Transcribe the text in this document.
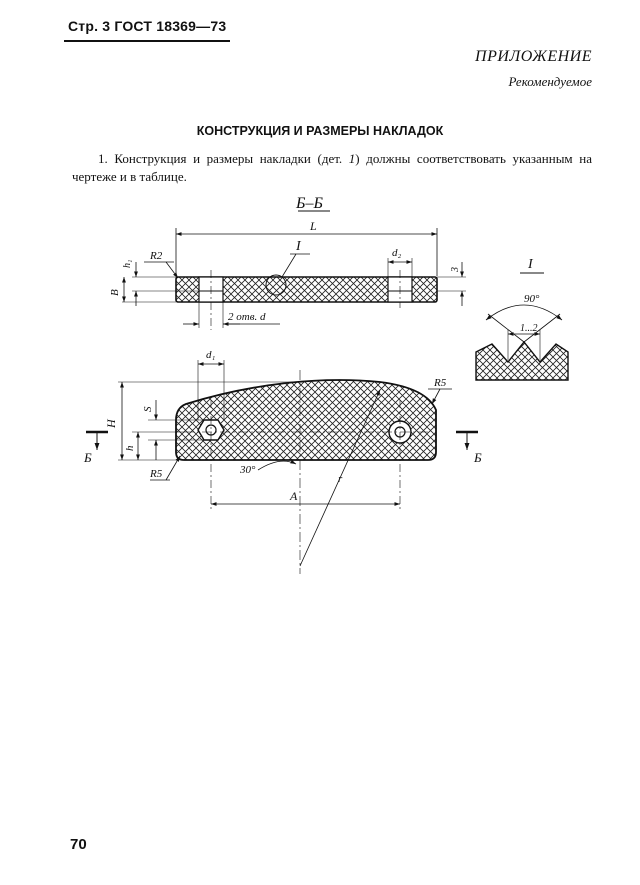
Стр. 3 ГОСТ 18369—73
ПРИЛОЖЕНИЕ
Рекомендуемое
КОНСТРУКЦИЯ И РАЗМЕРЫ НАКЛАДОК
1. Конструкция и размеры накладки (дет. 1) должны соответствовать указанным на чертеже и в таблице.
Б–Б
L
I
R2
h₁
B
d₂
3
2 отв. d
I
90°
1...2
d₁
R5
H
S
h
R5	30°
A
r
Б	Б
70
